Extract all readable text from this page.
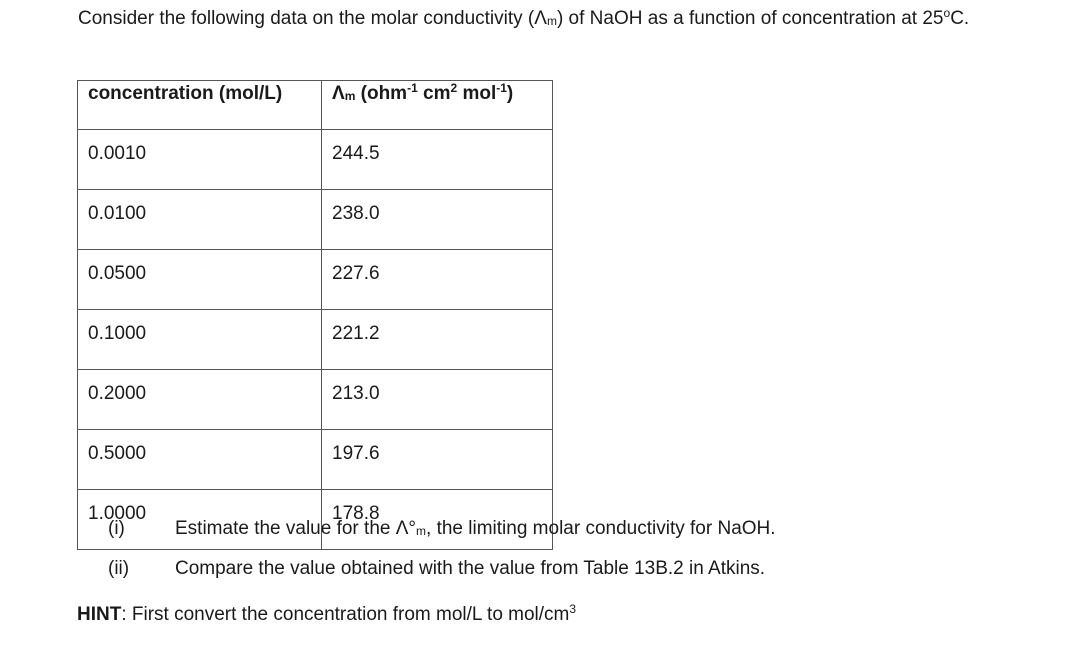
Consider the following data on the molar conductivity $(\Lambda_m)$ of NaOH as a function of concentration at 25$^o$C.

concentration (mol/L)	$\Lambda_m$ (ohm$^{-1}$ $cm^2$ mol$^{-1}$)
0.0010	244.5
0.0100	238.0
0.0500	227.6
0.1000	221.2
0.2000	213.0
0.5000	197.6
1.0000	178.8
(i)	Estimate the value for the $\Lambda^\circ_m$, the limiting molar conductivity for NaOH.
(ii)	Compare the value obtained with the value from Table 13B.2 in Atkins.
HINT: First convert the concentration from mol/L to mol/$cm^3$
